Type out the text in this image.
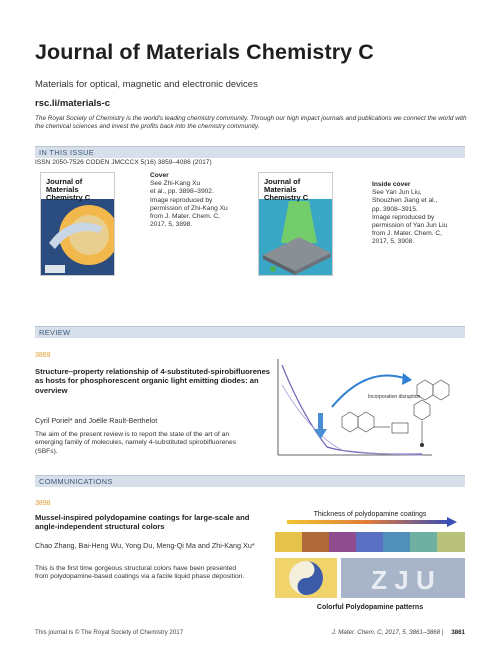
Journal of Materials Chemistry C
Materials for optical, magnetic and electronic devices
rsc.li/materials-c
The Royal Society of Chemistry is the world's leading chemistry community. Through our high impact journals and publications we connect the world with the chemical sciences and invest the profits back into the chemistry community.
IN THIS ISSUE
ISSN 2050-7526 CODEN JMCCCX 5(16) 3859–4086 (2017)
Journal of Materials Chemistry C
Cover
See Zhi-Kang Xu
et al., pp. 3898–3902.
Image reproduced by
permission of Zhi-Kang Xu
from J. Mater. Chem. C,
2017, 5, 3898.
Journal of Materials Chemistry C
Inside cover
See Yan Jun Liu,
Shouzhen Jiang et al.,
pp. 3908–3915.
Image reproduced by
permission of Yan Jun Liu
from J. Mater. Chem. C,
2017, 5, 3908.
REVIEW
3869
Structure–property relationship of 4-substituted-spirobifluorenes as hosts for phosphorescent organic light emitting diodes: an overview
Cyril Poriel* and Joëlle Rault-Berthelot
The aim of the present review is to report the state of the art of an emerging family of molecules, namely 4-substituted spirobifluorenes (SBFs).
Incorporation disruption
COMMUNICATIONS
3898
Mussel-inspired polydopamine coatings for large-scale and angle-independent structural colors
Chao Zhang, Bai-Heng Wu, Yong Du, Meng-Qi Ma and Zhi-Kang Xu*
This is the first time gorgeous structural colors have been presented from polydopamine-based coatings via a facile liquid phase deposition.
Thickness of polydopamine coatings
Z J U
Colorful Polydopamine patterns
This journal is © The Royal Society of Chemistry 2017	J. Mater. Chem. C, 2017, 5, 3861–3868 | 3861
